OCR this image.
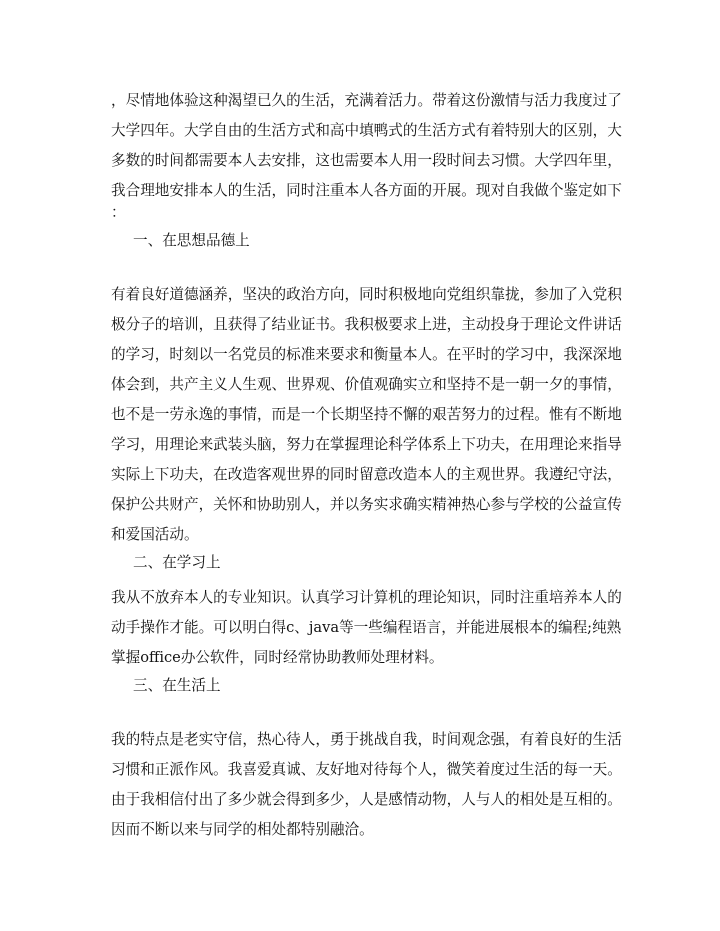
，尽情地体验这种渴望已久的生活，充满着活力。带着这份激情与活力我度过了
大学四年。大学自由的生活方式和高中填鸭式的生活方式有着特别大的区别，大
多数的时间都需要本人去安排，这也需要本人用一段时间去习惯。大学四年里，
我合理地安排本人的生活，同时注重本人各方面的开展。现对自我做个鉴定如下
：
一、在思想品德上
有着良好道德涵养，坚决的政治方向，同时积极地向党组织靠拢，参加了入党积
极分子的培训，且获得了结业证书。我积极要求上进，主动投身于理论文件讲话
的学习，时刻以一名党员的标准来要求和衡量本人。在平时的学习中，我深深地
体会到，共产主义人生观、世界观、价值观确实立和坚持不是一朝一夕的事情，
也不是一劳永逸的事情，而是一个长期坚持不懈的艰苦努力的过程。惟有不断地
学习，用理论来武装头脑，努力在掌握理论科学体系上下功夫，在用理论来指导
实际上下功夫，在改造客观世界的同时留意改造本人的主观世界。我遵纪守法，
保护公共财产，关怀和协助别人，并以务实求确实精神热心参与学校的公益宣传
和爱国活动。
二、在学习上
我从不放弃本人的专业知识。认真学习计算机的理论知识，同时注重培养本人的
动手操作才能。可以明白得c、java等一些编程语言，并能进展根本的编程;纯熟
掌握office办公软件，同时经常协助教师处理材料。
三、在生活上
我的特点是老实守信，热心待人，勇于挑战自我，时间观念强，有着良好的生活
习惯和正派作风。我喜爱真诚、友好地对待每个人，微笑着度过生活的每一天。
由于我相信付出了多少就会得到多少，人是感情动物，人与人的相处是互相的。
因而不断以来与同学的相处都特别融洽。
